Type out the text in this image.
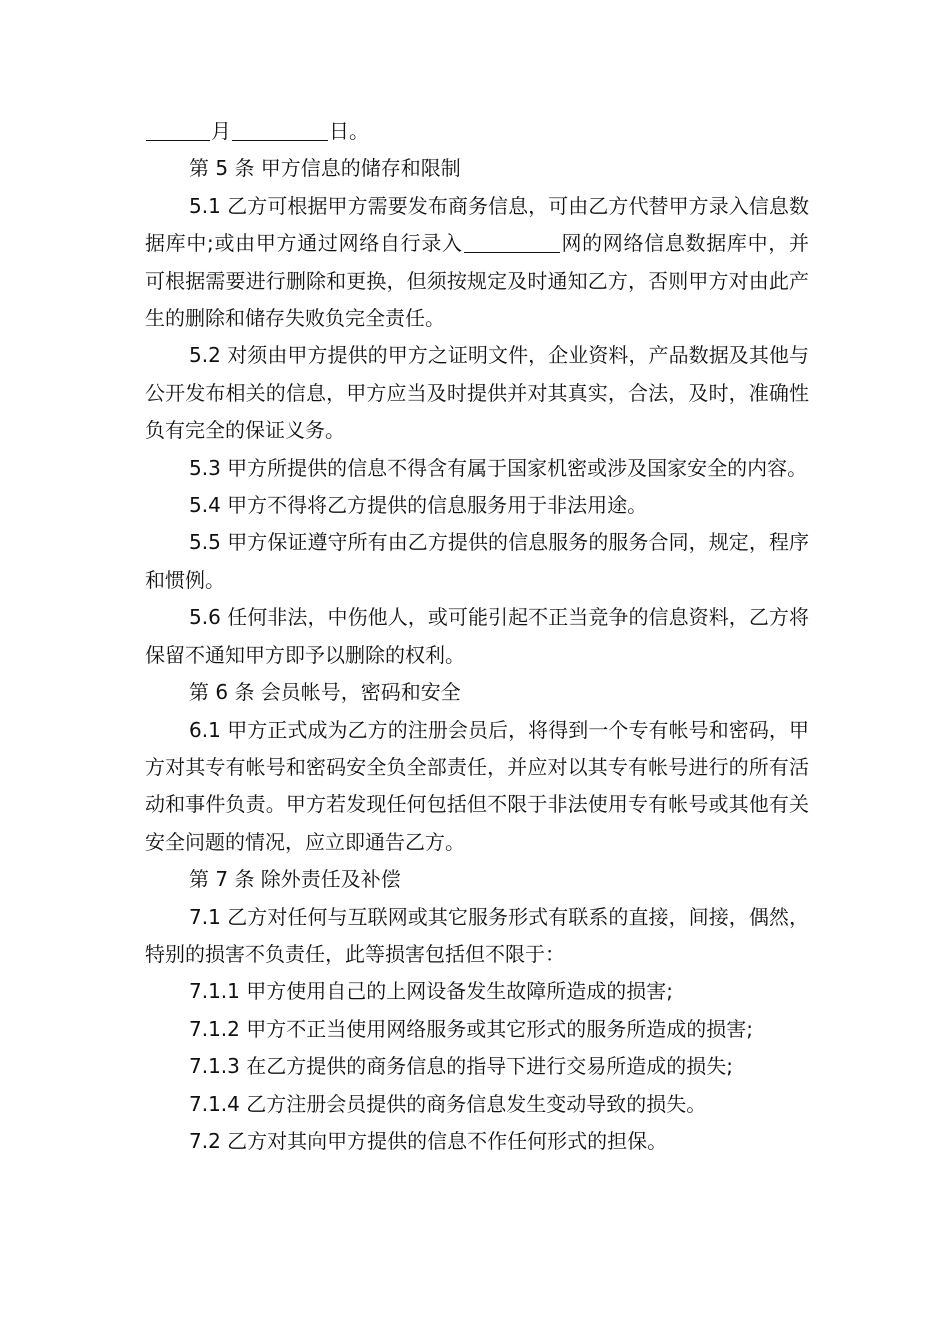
月	日。

第 5 条 甲方信息的储存和限制

5.1 乙方可根据甲方需要发布商务信息，可由乙方代替甲方录入信息数据库中;或由甲方通过网络自行录入	网的网络信息数据库中，并可根据需要进行删除和更换，但须按规定及时通知乙方，否则甲方对由此产生的删除和储存失败负完全责任。

5.2 对须由甲方提供的甲方之证明文件，企业资料，产品数据及其他与公开发布相关的信息，甲方应当及时提供并对其真实，合法，及时，准确性负有完全的保证义务。

5.3 甲方所提供的信息不得含有属于国家机密或涉及国家安全的内容。

5.4 甲方不得将乙方提供的信息服务用于非法用途。

5.5 甲方保证遵守所有由乙方提供的信息服务的服务合同，规定，程序和惯例。

5.6 任何非法，中伤他人，或可能引起不正当竞争的信息资料，乙方将保留不通知甲方即予以删除的权利。

第 6 条 会员帐号，密码和安全

6.1 甲方正式成为乙方的注册会员后，将得到一个专有帐号和密码，甲方对其专有帐号和密码安全负全部责任，并应对以其专有帐号进行的所有活动和事件负责。甲方若发现任何包括但不限于非法使用专有帐号或其他有关安全问题的情况，应立即通告乙方。

第 7 条 除外责任及补偿

7.1 乙方对任何与互联网或其它服务形式有联系的直接，间接，偶然，特别的损害不负责任，此等损害包括但不限于：

7.1.1 甲方使用自己的上网设备发生故障所造成的损害;

7.1.2 甲方不正当使用网络服务或其它形式的服务所造成的损害;

7.1.3 在乙方提供的商务信息的指导下进行交易所造成的损失;

7.1.4 乙方注册会员提供的商务信息发生变动导致的损失。

7.2 乙方对其向甲方提供的信息不作任何形式的担保。
